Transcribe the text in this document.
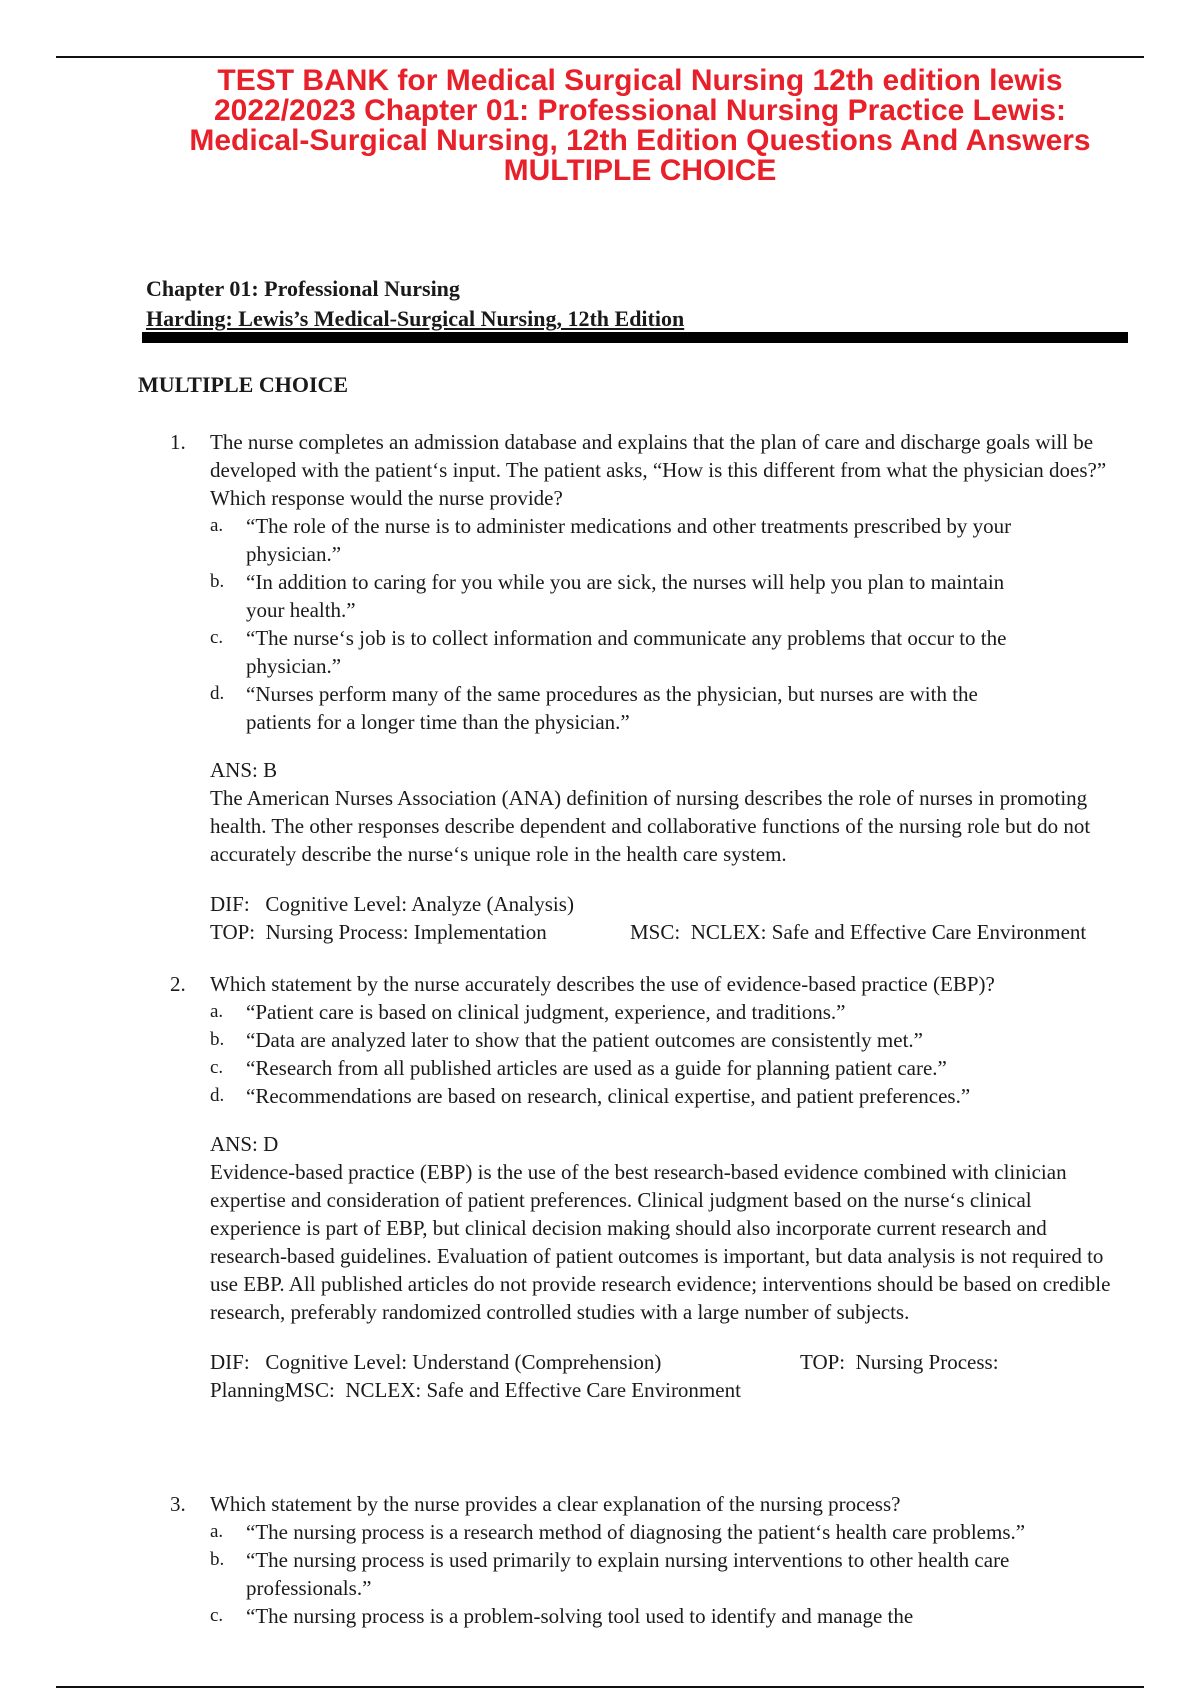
TEST BANK for Medical Surgical Nursing 12th edition lewis
2022/2023 Chapter 01: Professional Nursing Practice Lewis:
Medical-Surgical Nursing, 12th Edition Questions And Answers
MULTIPLE CHOICE
Chapter 01: Professional Nursing
Harding: Lewis’s Medical-Surgical Nursing, 12th Edition
MULTIPLE CHOICE
1.	The nurse completes an admission database and explains that the plan of care and discharge goals will be developed with the patient‘s input. The patient asks, “How is this different from what the physician does?” Which response would the nurse provide?
a.	“The role of the nurse is to administer medications and other treatments prescribed by your physician.”
b.	“In addition to caring for you while you are sick, the nurses will help you plan to maintain your health.”
c.	“The nurse‘s job is to collect information and communicate any problems that occur to the physician.”
d.	“Nurses perform many of the same procedures as the physician, but nurses are with the patients for a longer time than the physician.”
ANS: B
The American Nurses Association (ANA) definition of nursing describes the role of nurses in promoting health. The other responses describe dependent and collaborative functions of the nursing role but do not accurately describe the nurse‘s unique role in the health care system.
DIF:   Cognitive Level: Analyze (Analysis)
TOP:  Nursing Process: Implementation	MSC:  NCLEX: Safe and Effective Care Environment
2.	Which statement by the nurse accurately describes the use of evidence-based practice (EBP)?
a.	“Patient care is based on clinical judgment, experience, and traditions.”
b.	“Data are analyzed later to show that the patient outcomes are consistently met.”
c.	“Research from all published articles are used as a guide for planning patient care.”
d.	“Recommendations are based on research, clinical expertise, and patient preferences.”
ANS: D
Evidence-based practice (EBP) is the use of the best research-based evidence combined with clinician expertise and consideration of patient preferences. Clinical judgment based on the nurse‘s clinical experience is part of EBP, but clinical decision making should also incorporate current research and research-based guidelines. Evaluation of patient outcomes is important, but data analysis is not required to use EBP. All published articles do not provide research evidence; interventions should be based on credible research, preferably randomized controlled studies with a large number of subjects.
DIF:   Cognitive Level: Understand (Comprehension)	TOP:  Nursing Process:
PlanningMSC:  NCLEX: Safe and Effective Care Environment
3.	Which statement by the nurse provides a clear explanation of the nursing process?
a.	“The nursing process is a research method of diagnosing the patient‘s health care problems.”
b.	“The nursing process is used primarily to explain nursing interventions to other health care professionals.”
c.	“The nursing process is a problem-solving tool used to identify and manage the
